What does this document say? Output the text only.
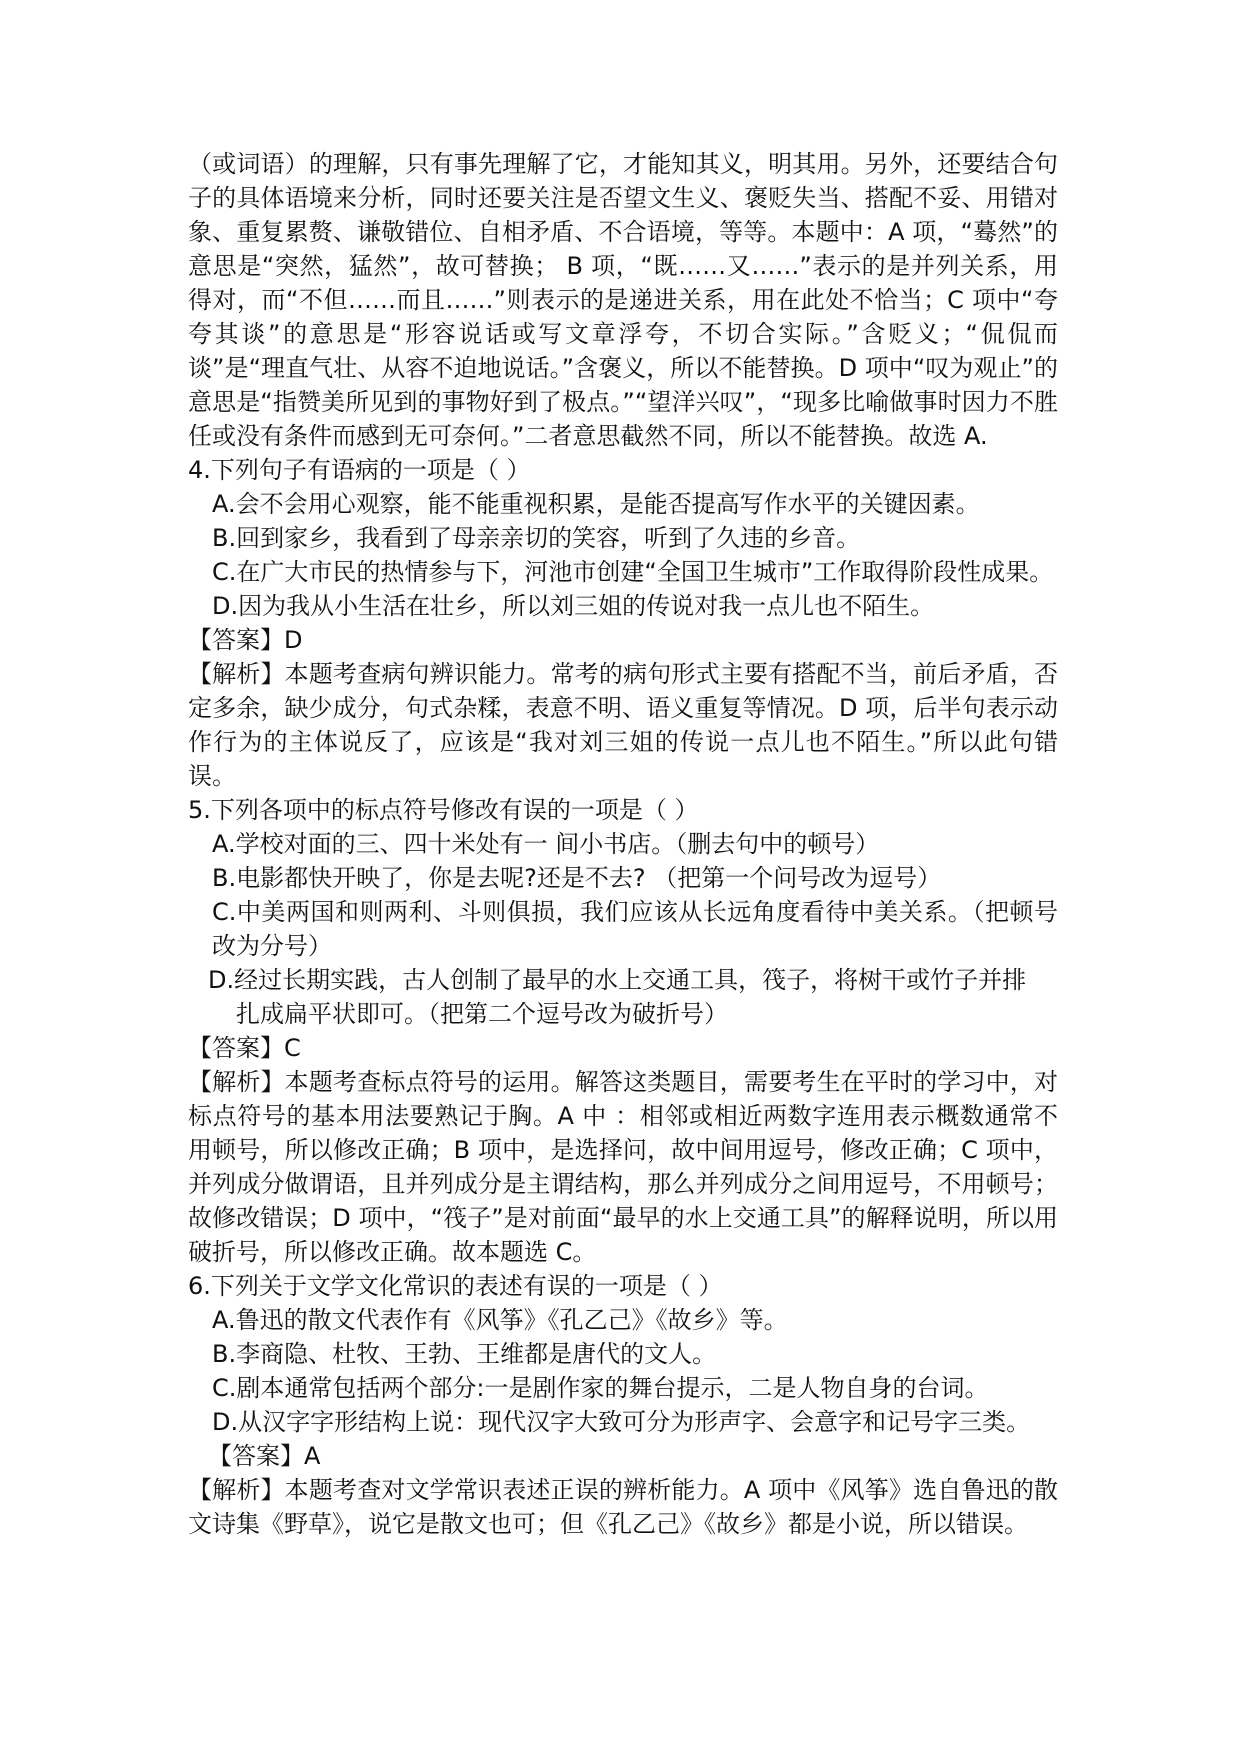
（或词语）的理解，只有事先理解了它，才能知其义，明其用。另外，还要结合句子的具体语境来分析，同时还要关注是否望文生义、褒贬失当、搭配不妥、用错对象、重复累赘、谦敬错位、自相矛盾、不合语境，等等。本题中：A 项，“蓦然”的意思是“突然，猛然”，故可替换； B 项，“既……又……”表示的是并列关系，用得对，而“不但……而且……”则表示的是递进关系，用在此处不恰当；C 项中“夸夸其谈”的意思是“形容说话或写文章浮夸，不切合实际。”含贬义；“侃侃而谈”是“理直气壮、从容不迫地说话。”含褒义，所以不能替换。D 项中“叹为观止”的意思是“指赞美所见到的事物好到了极点。”“望洋兴叹”，“现多比喻做事时因力不胜任或没有条件而感到无可奈何。”二者意思截然不同，所以不能替换。故选 A.

4.下列句子有语病的一项是（ ）

A.会不会用心观察，能不能重视积累，是能否提高写作水平的关键因素。

B.回到家乡，我看到了母亲亲切的笑容，听到了久违的乡音。

C.在广大市民的热情参与下，河池市创建“全国卫生城市”工作取得阶段性成果。

D.因为我从小生活在壮乡，所以刘三姐的传说对我一点儿也不陌生。

【答案】D

【解析】本题考查病句辨识能力。常考的病句形式主要有搭配不当，前后矛盾，否定多余，缺少成分，句式杂糅，表意不明、语义重复等情况。D 项，后半句表示动作行为的主体说反了，应该是“我对刘三姐的传说一点儿也不陌生。”所以此句错误。

5.下列各项中的标点符号修改有误的一项是（ ）

A.学校对面的三、四十米处有一 间小书店。（删去句中的顿号）

B.电影都快开映了，你是去呢?还是不去? （把第一个问号改为逗号）

C.中美两国和则两利、斗则俱损，我们应该从长远角度看待中美关系。（把顿号改为分号）

D.经过长期实践，古人创制了最早的水上交通工具，筏子，将树干或竹子并排

扎成扁平状即可。（把第二个逗号改为破折号）

【答案】C

【解析】本题考查标点符号的运用。解答这类题目，需要考生在平时的学习中，对标点符号的基本用法要熟记于胸。A 中 ：相邻或相近两数字连用表示概数通常不用顿号，所以修改正确；B 项中，是选择问，故中间用逗号，修改正确；C 项中，并列成分做谓语，且并列成分是主谓结构，那么并列成分之间用逗号，不用顿号；故修改错误；D 项中，“筏子”是对前面“最早的水上交通工具”的解释说明，所以用破折号，所以修改正确。故本题选 C。

6.下列关于文学文化常识的表述有误的一项是（ ）

A.鲁迅的散文代表作有《风筝》《孔乙己》《故乡》等。

B.李商隐、杜牧、王勃、王维都是唐代的文人。

C.剧本通常包括两个部分:一是剧作家的舞台提示，二是人物自身的台词。

D.从汉字字形结构上说：现代汉字大致可分为形声字、会意字和记号字三类。

【答案】A

【解析】本题考查对文学常识表述正误的辨析能力。A 项中《风筝》选自鲁迅的散文诗集《野草》，说它是散文也可；但《孔乙己》《故乡》都是小说，所以错误。
